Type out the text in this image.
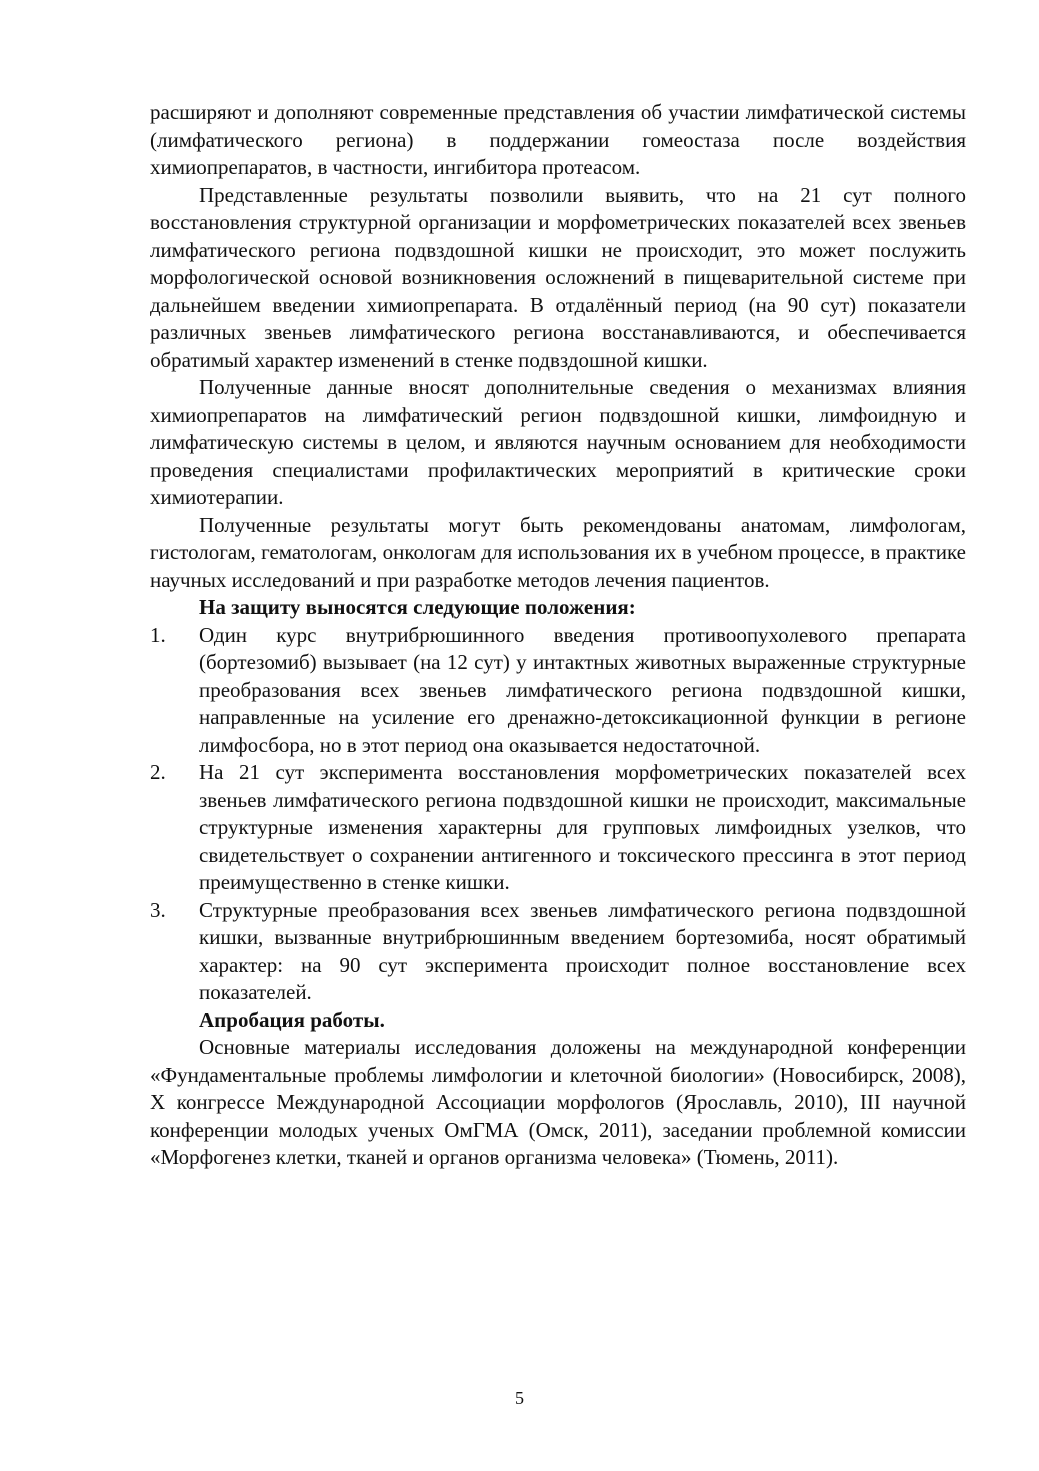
расширяют и дополняют современные представления об участии лимфатической системы (лимфатического региона) в поддержании гомеостаза после воздействия химиопрепаратов, в частности, ингибитора протеасом.

Представленные результаты позволили выявить, что на 21 сут полного восстановления структурной организации и морфометрических показателей всех звеньев лимфатического региона подвздошной кишки не происходит, это может послужить морфологической основой возникновения осложнений в пищеварительной системе при дальнейшем введении химиопрепарата. В отдалённый период (на 90 сут) показатели различных звеньев лимфатического региона восстанавливаются, и обеспечивается обратимый характер изменений в стенке подвздошной кишки.

Полученные данные вносят дополнительные сведения о механизмах влияния химиопрепаратов на лимфатический регион подвздошной кишки, лимфоидную и лимфатическую системы в целом, и являются научным основанием для необходимости проведения специалистами профилактических мероприятий в критические сроки химиотерапии.

Полученные результаты могут быть рекомендованы анатомам, лимфологам, гистологам, гематологам, онкологам для использования их в учебном процессе, в практике научных исследований и при разработке методов лечения пациентов.

На защиту выносятся следующие положения:

1. Один курс внутрибрюшинного введения противоопухолевого препарата (бортезомиб) вызывает (на 12 сут) у интактных животных выраженные структурные преобразования всех звеньев лимфатического региона подвздошной кишки, направленные на усиление его дренажно-детоксикационной функции в регионе лимфосбора, но в этот период она оказывается недостаточной.
2. На 21 сут эксперимента восстановления морфометрических показателей всех звеньев лимфатического региона подвздошной кишки не происходит, максимальные структурные изменения характерны для групповых лимфоидных узелков, что свидетельствует о сохранении антигенного и токсического прессинга в этот период преимущественно в стенке кишки.
3. Структурные преобразования всех звеньев лимфатического региона подвздошной кишки, вызванные внутрибрюшинным введением бортезомиба, носят обратимый характер: на 90 сут эксперимента происходит полное восстановление всех показателей.

Апробация работы.

Основные материалы исследования доложены на международной конференции «Фундаментальные проблемы лимфологии и клеточной биологии» (Новосибирск, 2008), X конгрессе Международной Ассоциации морфологов (Ярославль, 2010), III научной конференции молодых ученых ОмГМА (Омск, 2011), заседании проблемной комиссии «Морфогенез клетки, тканей и органов организма человека» (Тюмень, 2011).

5
